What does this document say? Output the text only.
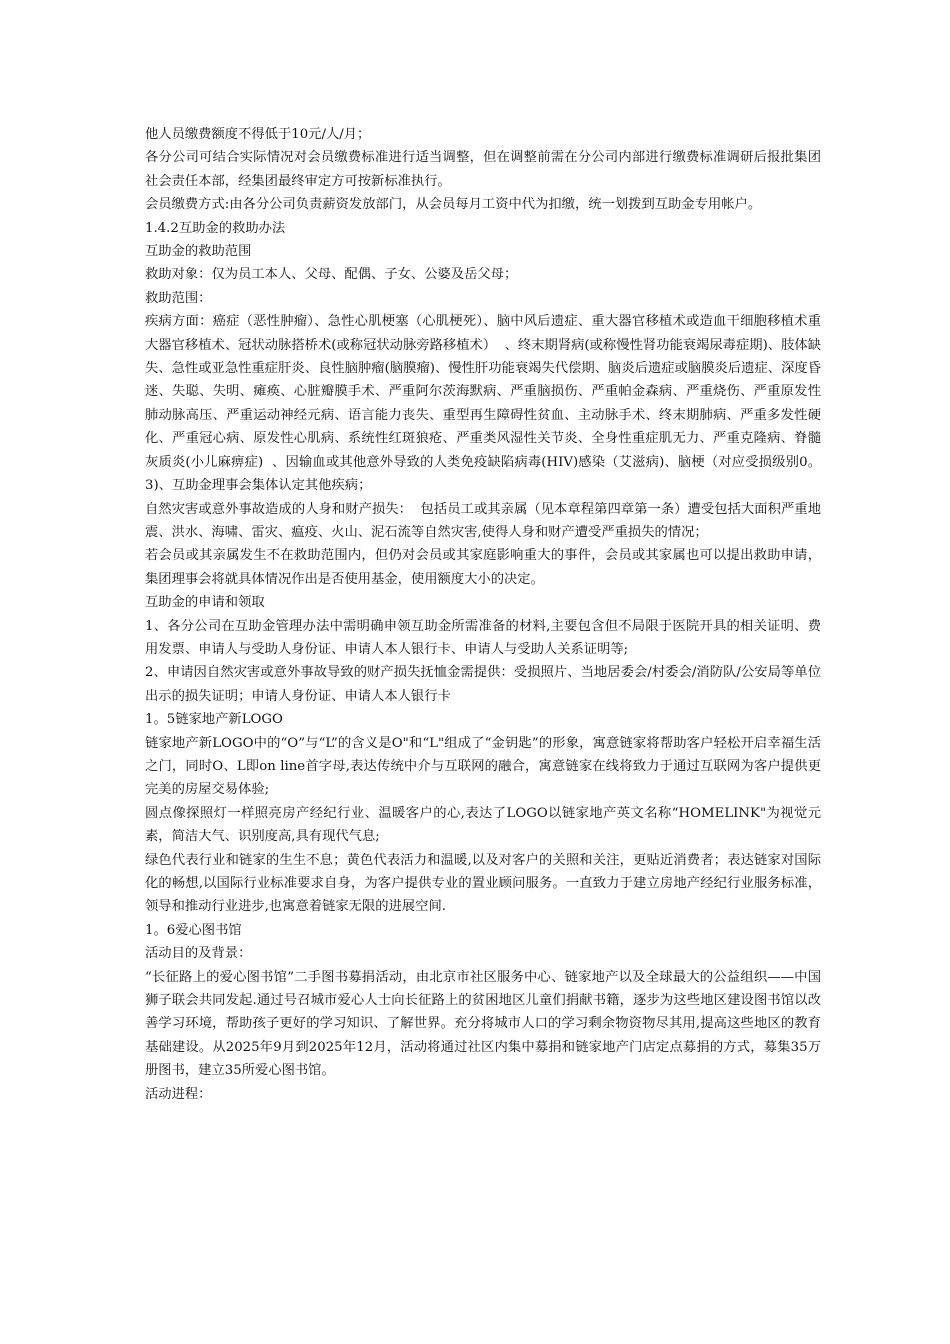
他人员缴费额度不得低于10元/人/月；

各分公司可结合实际情况对会员缴费标准进行适当调整，但在调整前需在分公司内部进行缴费标准调研后报批集团社会责任本部，经集团最终审定方可按新标准执行。

会员缴费方式:由各分公司负责薪资发放部门，从会员每月工资中代为扣缴，统一划拨到互助金专用帐户。

1.4.2互助金的救助办法

互助金的救助范围

救助对象：仅为员工本人、父母、配偶、子女、公婆及岳父母；

救助范围：

疾病方面：癌症（恶性肿瘤）、急性心肌梗塞（心肌梗死）、脑中风后遗症、重大器官移植术或造血干细胞移植术重大器官移植术、冠状动脉搭桥术(或称冠状动脉旁路移植术）  、终末期肾病(或称慢性肾功能衰竭尿毒症期)、肢体缺失、急性或亚急性重症肝炎、良性脑肿瘤(脑膜瘤)、慢性肝功能衰竭失代偿期、脑炎后遗症或脑膜炎后遗症、深度昏迷、失聪、失明、瘫痪、心脏瓣膜手术、严重阿尔茨海默病、严重脑损伤、严重帕金森病、严重烧伤、严重原发性肺动脉高压、严重运动神经元病、语言能力丧失、重型再生障碍性贫血、主动脉手术、终末期肺病、严重多发性硬化、严重冠心病、原发性心肌病、系统性红斑狼疮、严重类风湿性关节炎、全身性重症肌无力、严重克隆病、脊髓灰质炎(小儿麻痹症)  、因输血或其他意外导致的人类免疫缺陷病毒(HIV)感染（艾滋病)、脑梗（对应受损级别0。3)、互助金理事会集体认定其他疾病；

自然灾害或意外事故造成的人身和财产损失：  包括员工或其亲属（见本章程第四章第一条）遭受包括大面积严重地震、洪水、海啸、雷灾、瘟疫、火山、泥石流等自然灾害,使得人身和财产遭受严重损失的情况；

若会员或其亲属发生不在救助范围内，但仍对会员或其家庭影响重大的事件，会员或其家属也可以提出救助申请，集团理事会将就具体情况作出是否使用基金，使用额度大小的决定。

互助金的申请和领取

1、各分公司在互助金管理办法中需明确申领互助金所需准备的材料,主要包含但不局限于医院开具的相关证明、费用发票、申请人与受助人身份证、申请人本人银行卡、申请人与受助人关系证明等;

2、申请因自然灾害或意外事故导致的财产损失抚恤金需提供：受损照片、当地居委会/村委会/消防队/公安局等单位出示的损失证明；申请人身份证、申请人本人银行卡

1。5链家地产新LOGO

链家地产新LOGO中的“O”与“L”的含义是O"和“L"组成了“金钥匙”的形象，寓意链家将帮助客户轻松开启幸福生活之门，同时O、L即on line首字母,表达传统中介与互联网的融合，寓意链家在线将致力于通过互联网为客户提供更完美的房屋交易体验;

圆点像探照灯一样照亮房产经纪行业、温暖客户的心,表达了LOGO以链家地产英文名称“HOMELINK"为视觉元素，简洁大气、识别度高,具有现代气息;

绿色代表行业和链家的生生不息；黄色代表活力和温暖,以及对客户的关照和关注，更贴近消费者；表达链家对国际化的畅想,以国际行业标准要求自身，为客户提供专业的置业顾问服务。一直致力于建立房地产经纪行业服务标准，领导和推动行业进步,也寓意着链家无限的进展空间.

1。6爱心图书馆

活动目的及背景：

“长征路上的爱心图书馆”二手图书募捐活动，由北京市社区服务中心、链家地产以及全球最大的公益组织——中国狮子联会共同发起.通过号召城市爱心人士向长征路上的贫困地区儿童们捐献书籍，逐步为这些地区建设图书馆以改善学习环境，帮助孩子更好的学习知识、了解世界。充分将城市人口的学习剩余物资物尽其用,提高这些地区的教育基础建设。从2025年9月到2025年12月，活动将通过社区内集中募捐和链家地产门店定点募捐的方式，募集35万册图书，建立35所爱心图书馆。

活动进程：
